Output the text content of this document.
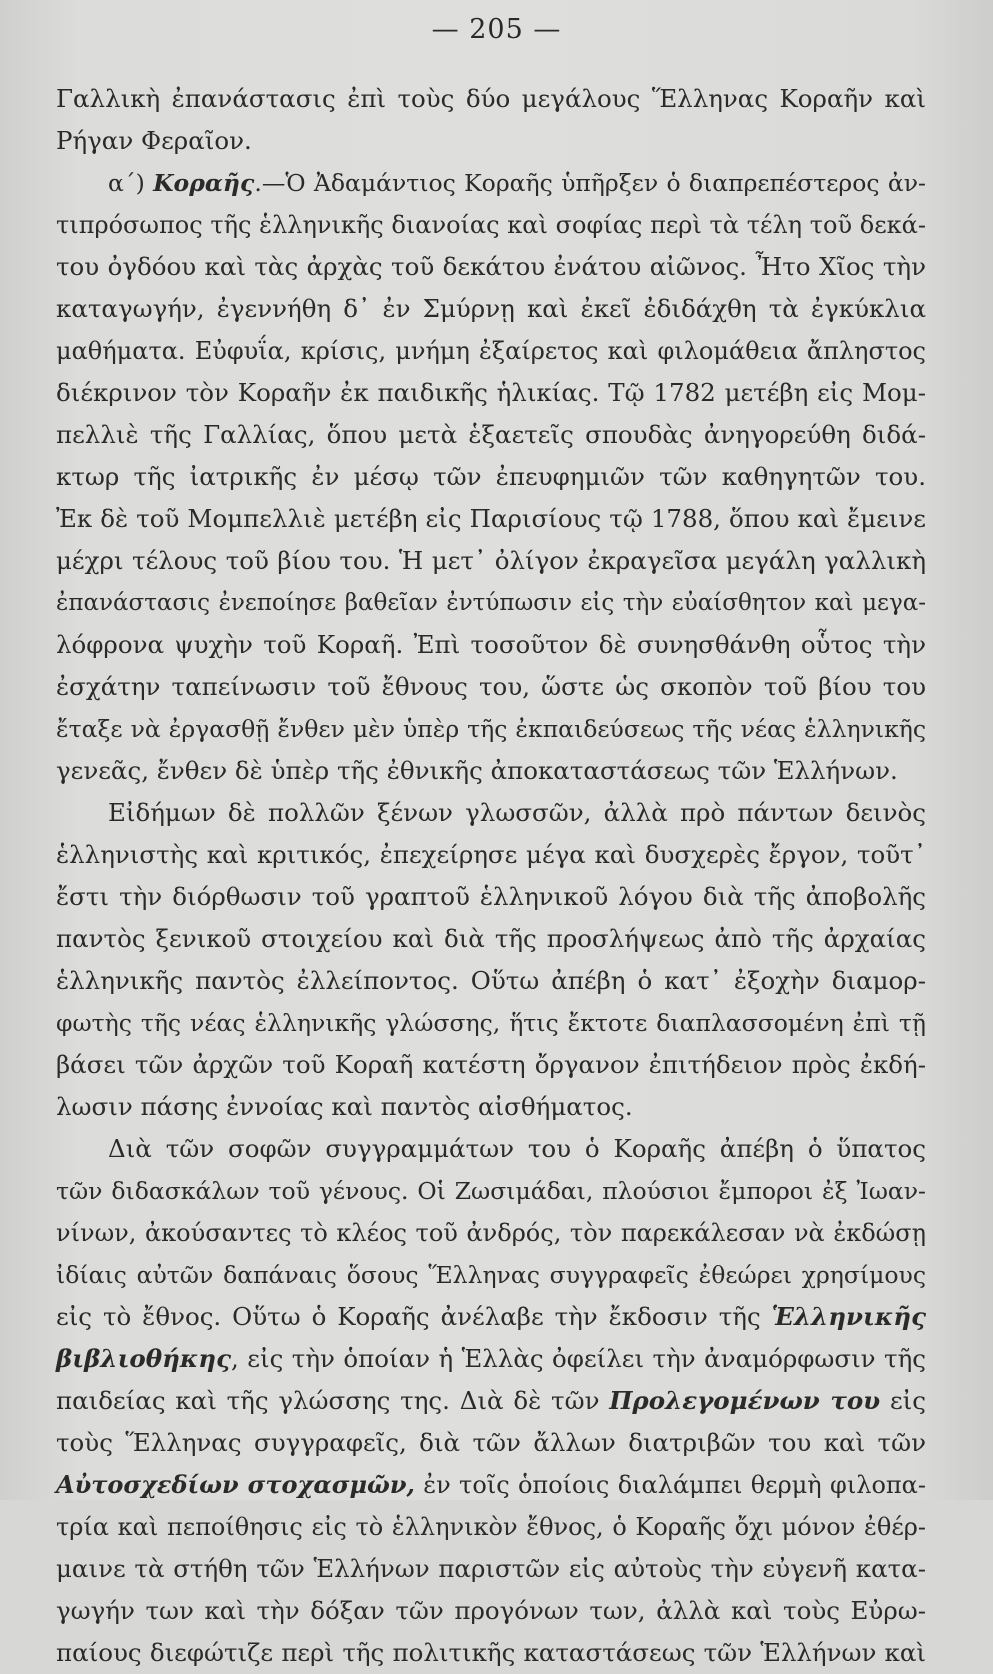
— 205 —
Γαλλικὴ ἐπανάστασις ἐπὶ τοὺς δύο μεγάλους Ἕλληνας Κοραῆν καὶ
Ρήγαν Φεραῖον.
α΄) Κοραῆς.—Ὁ Ἀδαμάντιος Κοραῆς ὑπῆρξεν ὁ διαπρεπέστερος ἀν-
τιπρόσωπος τῆς ἑλληνικῆς διανοίας καὶ σοφίας περὶ τὰ τέλη τοῦ δεκά-
του ὀγδόου καὶ τὰς ἀρχὰς τοῦ δεκάτου ἐνάτου αἰῶνος. Ἦτο Χῖος τὴν
καταγωγήν, ἐγεννήθη δ᾽ ἐν Σμύρνῃ καὶ ἐκεῖ ἐδιδάχθη τὰ ἐγκύκλια
μαθήματα. Εὐφυΐα, κρίσις, μνήμη ἐξαίρετος καὶ φιλομάθεια ἄπληστος
διέκρινον τὸν Κοραῆν ἐκ παιδικῆς ἡλικίας. Τῷ 1782 μετέβη εἰς Μομ-
πελλιὲ τῆς Γαλλίας, ὅπου μετὰ ἑξαετεῖς σπουδὰς ἀνηγορεύθη διδά-
κτωρ τῆς ἰατρικῆς ἐν μέσῳ τῶν ἐπευφημιῶν τῶν καθηγητῶν του.
Ἐκ δὲ τοῦ Μομπελλιὲ μετέβη εἰς Παρισίους τῷ 1788, ὅπου καὶ ἔμεινε
μέχρι τέλους τοῦ βίου του. Ἡ μετ᾽ ὀλίγον ἐκραγεῖσα μεγάλη γαλλικὴ
ἐπανάστασις ἐνεποίησε βαθεῖαν ἐντύπωσιν εἰς τὴν εὐαίσθητον καὶ μεγα-
λόφρονα ψυχὴν τοῦ Κοραῆ. Ἐπὶ τοσοῦτον δὲ συνησθάνθη οὗτος τὴν
ἐσχάτην ταπείνωσιν τοῦ ἔθνους του, ὥστε ὡς σκοπὸν τοῦ βίου του
ἔταξε νὰ ἐργασθῇ ἔνθεν μὲν ὑπὲρ τῆς ἐκπαιδεύσεως τῆς νέας ἑλληνικῆς
γενεᾶς, ἔνθεν δὲ ὑπὲρ τῆς ἐθνικῆς ἀποκαταστάσεως τῶν Ἑλλήνων.
Εἰδήμων δὲ πολλῶν ξένων γλωσσῶν, ἀλλὰ πρὸ πάντων δεινὸς
ἑλληνιστὴς καὶ κριτικός, ἐπεχείρησε μέγα καὶ δυσχερὲς ἔργον, τοῦτ᾽
ἔστι τὴν διόρθωσιν τοῦ γραπτοῦ ἑλληνικοῦ λόγου διὰ τῆς ἀποβολῆς
παντὸς ξενικοῦ στοιχείου καὶ διὰ τῆς προσλήψεως ἀπὸ τῆς ἀρχαίας
ἑλληνικῆς παντὸς ἐλλείποντος. Οὕτω ἀπέβη ὁ κατ᾽ ἐξοχὴν διαμορ-
φωτὴς τῆς νέας ἑλληνικῆς γλώσσης, ἥτις ἔκτοτε διαπλασσομένη ἐπὶ τῇ
βάσει τῶν ἀρχῶν τοῦ Κοραῆ κατέστη ὄργανον ἐπιτήδειον πρὸς ἐκδή-
λωσιν πάσης ἐννοίας καὶ παντὸς αἰσθήματος.
Διὰ τῶν σοφῶν συγγραμμάτων του ὁ Κοραῆς ἀπέβη ὁ ὕπατος
τῶν διδασκάλων τοῦ γένους. Οἱ Ζωσιμάδαι, πλούσιοι ἔμποροι ἐξ Ἰωαν-
νίνων, ἀκούσαντες τὸ κλέος τοῦ ἀνδρός, τὸν παρεκάλεσαν νὰ ἐκδώσῃ
ἰδίαις αὐτῶν δαπάναις ὅσους Ἕλληνας συγγραφεῖς ἐθεώρει χρησίμους
εἰς τὸ ἔθνος. Οὕτω ὁ Κοραῆς ἀνέλαβε τὴν ἔκδοσιν τῆς Ἑλληνικῆς
βιβλιοθήκης, εἰς τὴν ὁποίαν ἡ Ἑλλὰς ὀφείλει τὴν ἀναμόρφωσιν τῆς
παιδείας καὶ τῆς γλώσσης της. Διὰ δὲ τῶν Προλεγομένων του εἰς
τοὺς Ἕλληνας συγγραφεῖς, διὰ τῶν ἄλλων διατριβῶν του καὶ τῶν
Αὐτοσχεδίων στοχασμῶν, ἐν τοῖς ὁποίοις διαλάμπει θερμὴ φιλοπα-
τρία καὶ πεποίθησις εἰς τὸ ἑλληνικὸν ἔθνος, ὁ Κοραῆς ὄχι μόνον ἐθέρ-
μαινε τὰ στήθη τῶν Ἑλλήνων παριστῶν εἰς αὐτοὺς τὴν εὐγενῆ κατα-
γωγήν των καὶ τὴν δόξαν τῶν προγόνων των, ἀλλὰ καὶ τοὺς Εὐρω-
παίους διεφώτιζε περὶ τῆς πολιτικῆς καταστάσεως τῶν Ἑλλήνων καὶ
